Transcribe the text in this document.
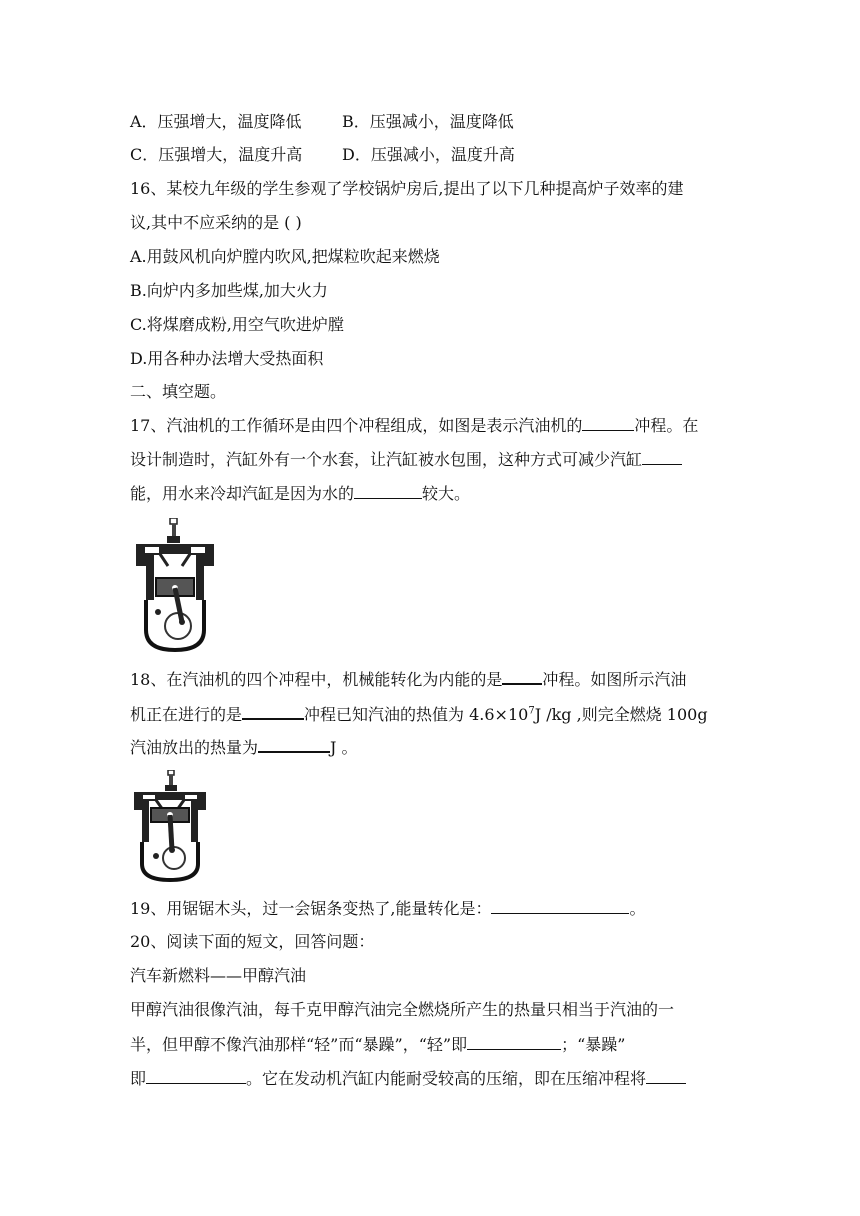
A．压强增大，温度降低	B．压强减小，温度降低
C．压强增大，温度升高 D．压强减小，温度升高
16、某校九年级的学生参观了学校锅炉房后,提出了以下几种提高炉子效率的建
议,其中不应采纳的是 ( )
A.用鼓风机向炉膛内吹风,把煤粒吹起来燃烧
B.向炉内多加些煤,加大火力
C.将煤磨成粉,用空气吹进炉膛
D.用各种办法增大受热面积
二、填空题。
17、汽油机的工作循环是由四个冲程组成，如图是表示汽油机的	冲程。在
设计制造时，汽缸外有一个水套，让汽缸被水包围，这种方式可减少汽缸
能，用水来冷却汽缸是因为水的	较大。
18、在汽油机的四个冲程中，机械能转化为内能的是	冲程。如图所示汽油
机正在进行的是	冲程已知汽油的热值为 $4.6\times 10^7J$ /kg ,则完全燃烧 100g
汽油放出的热量为	J 。
19、用锯锯木头，过一会锯条变热了,能量转化是：	。
20、阅读下面的短文，回答问题：
汽车新燃料——甲醇汽油
甲醇汽油很像汽油，每千克甲醇汽油完全燃烧所产生的热量只相当于汽油的一
半，但甲醇不像汽油那样“轻”而“暴躁”，“轻”即	；“暴躁”
即	。它在发动机汽缸内能耐受较高的压缩，即在压缩冲程将
